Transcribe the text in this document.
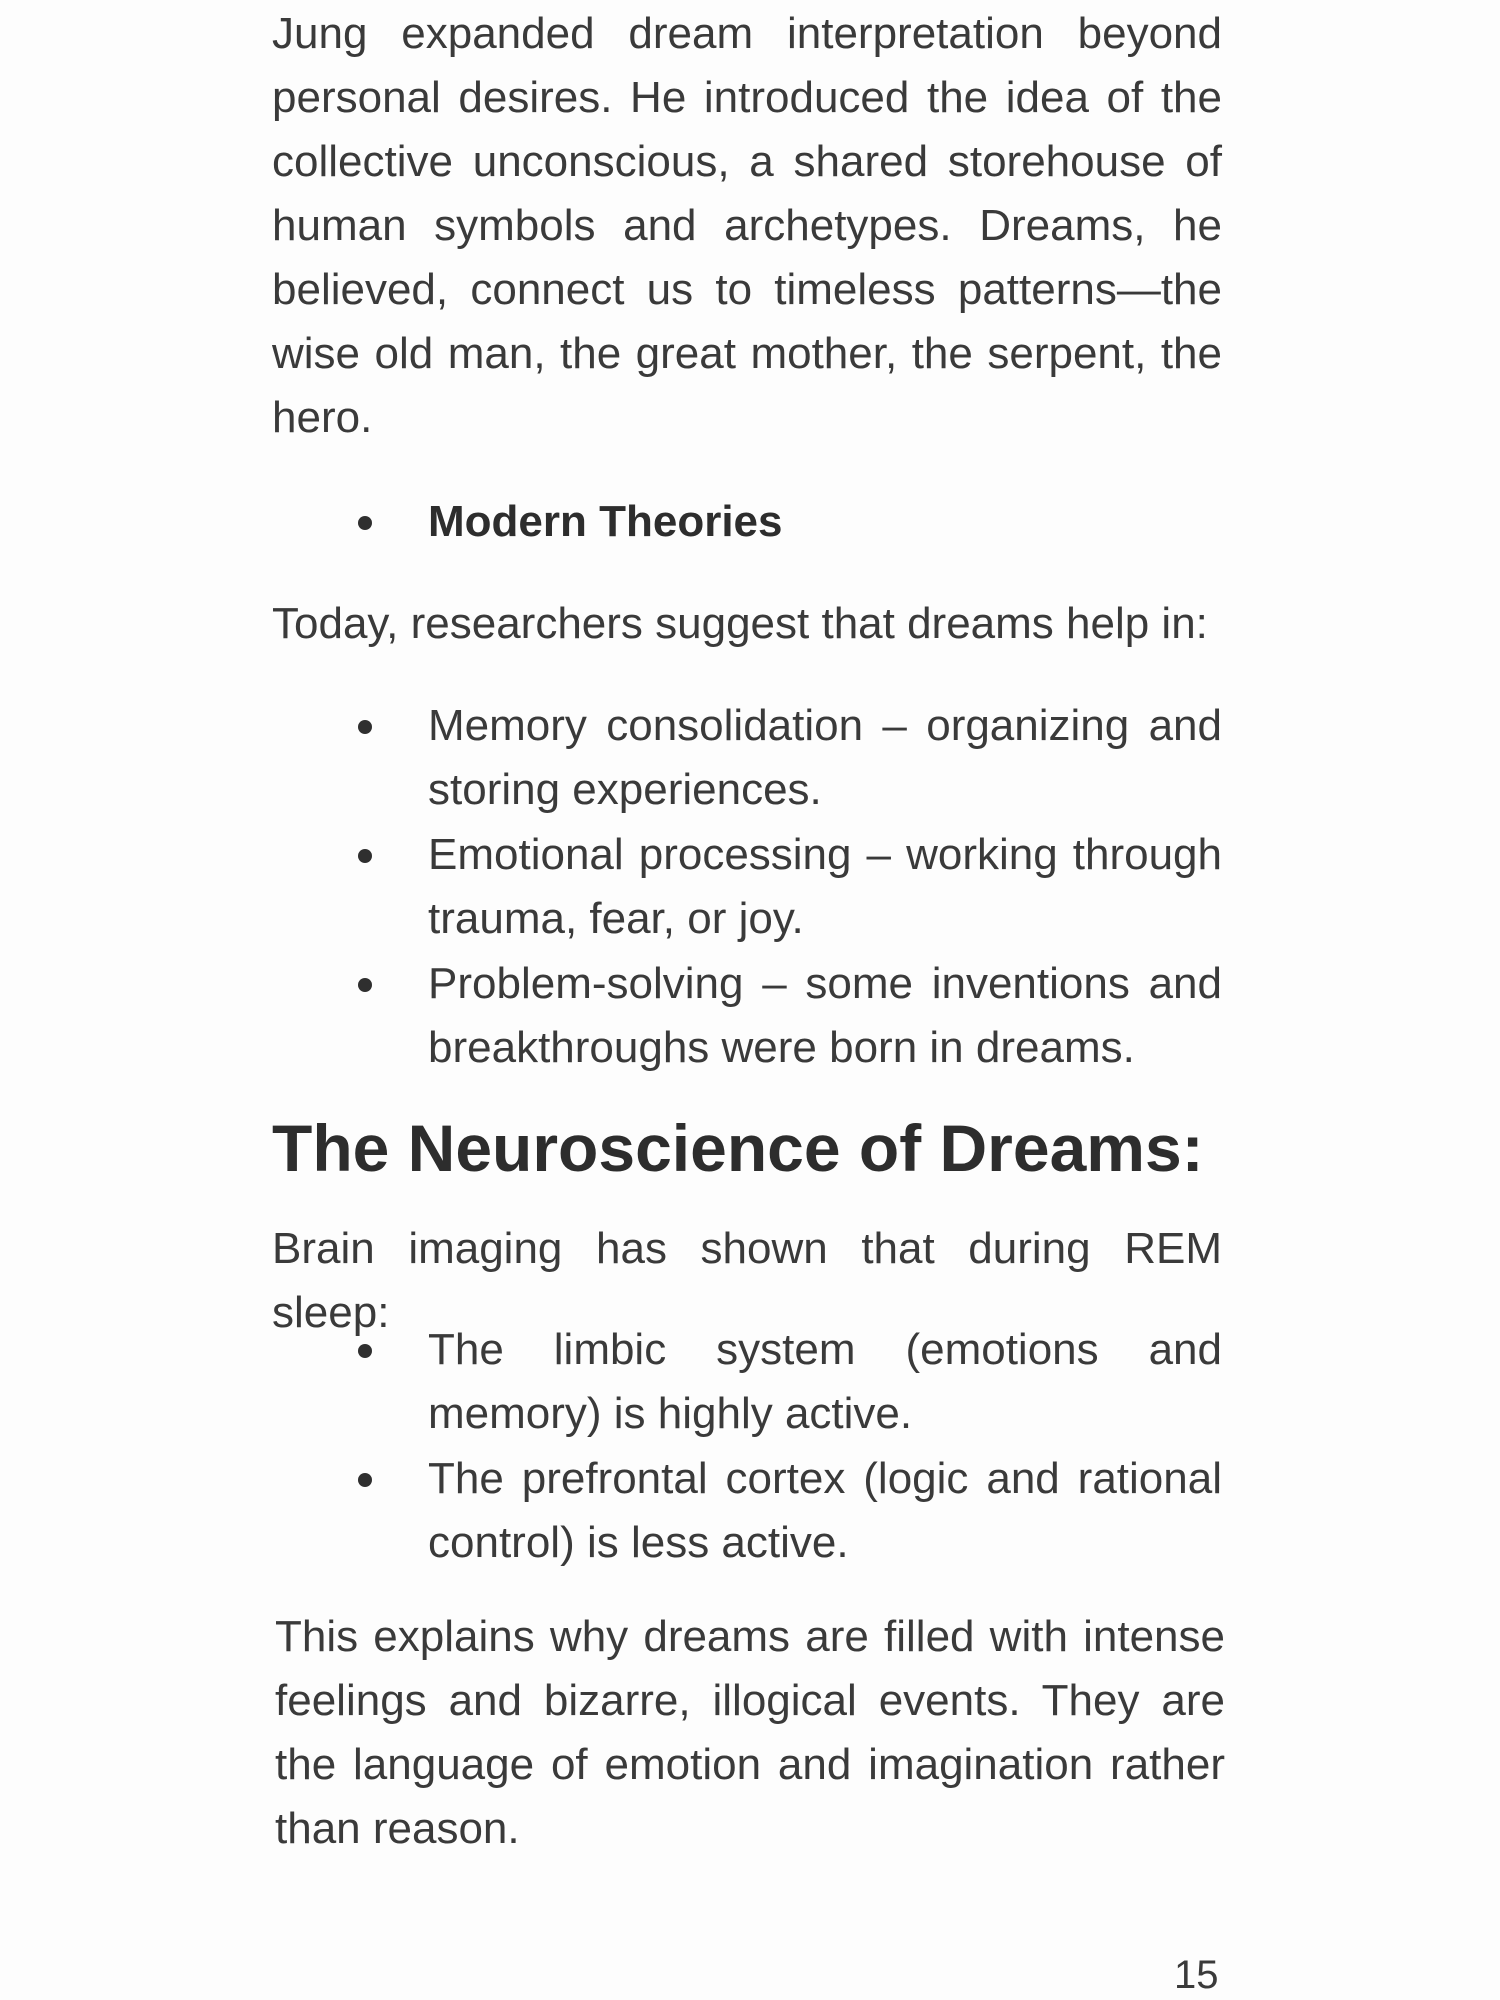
Jung expanded dream interpretation beyond personal desires. He introduced the idea of the collective unconscious, a shared storehouse of human symbols and archetypes. Dreams, he believed, connect us to timeless patterns—the wise old man, the great mother, the serpent, the hero.

Modern Theories

Today, researchers suggest that dreams help in:

Memory consolidation – organizing and storing experiences.
Emotional processing – working through trauma, fear, or joy.
Problem-solving – some inventions and breakthroughs were born in dreams.
The Neuroscience of Dreams:

Brain imaging has shown that during REM sleep:

The limbic system (emotions and memory) is highly active.
The prefrontal cortex (logic and rational control) is less active.

This explains why dreams are filled with intense feelings and bizarre, illogical events. They are the language of emotion and imagination rather than reason.

15
